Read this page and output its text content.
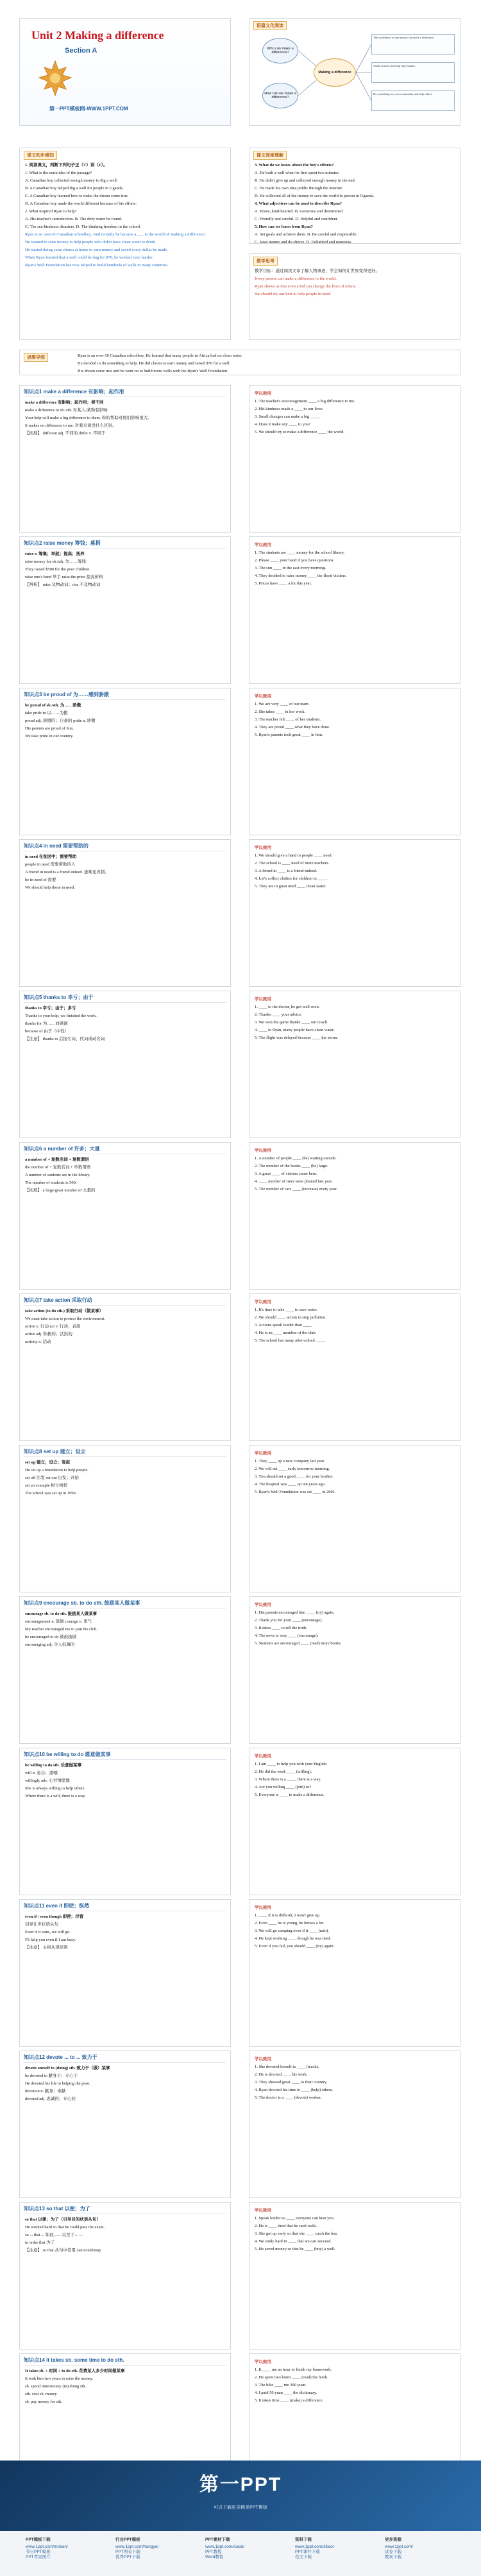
Unit 2 Making a difference
Section A
第一PPT模板网-WWW.1PPT.COM
语篇文化阅读
Who can make a difference?
How can we make a difference?
Making a difference
The confidence of one person can make a difference.
Small actions can bring big changes.
Do something for your community and help others.
课文初步感知
1. 阅读课文，判断下列句子正（T）误（F）。
1. What is the main idea of the passage?
A. Canadian boy collected enough money to dig a well.
B. A Canadian boy helped dig a well for people in Uganda.
C. A Canadian boy learned how to make the dream come true.
D. A Canadian boy made the world different because of his efforts.
2. What inspired Ryan to help?
A. His teacher's introduction. B. The dirty water he found.
C. The sea-kindness disasters. D. The thinking freedom in the school.
Ryan is an over-10 Canadian schoolboy. And recently he became a ___ in the world of 'making a difference'.
He wanted to raise money to help people who didn't have clean water to drink.
He started doing extra chores at home to earn money and saved every dollar he made.
When Ryan learned that a well could be dug for $70, he worked even harder.
Ryan's Well Foundation has now helped to build hundreds of wells in many countries.
课文深度理解
3. What do we know about the boy's efforts?
A. He built a well when he first spent two minutes.
B. He didn't give up and collected enough money in the end.
C. He made his own idea public through the internet.
D. He collected all of the money to save the world in person in Uganda.
4. What adjectives can be used to describe Ryan?
A. Brave, kind-hearted. B. Generous and determined.
C. Friendly and careful. D. Helpful and confident.
5. How can we learn from Ryan?
A. Set goals and achieve them. B. Be careful and responsible.
C. Save money and do chores. D. Delighted and generous.
教学思考
教学目标：通过阅读文章了解人物事迹，学会如何让世界变得更好。
Every person can make a difference to the world.
Ryan shows us that even a kid can change the lives of others.
We should try our best to help people in need.
思维导图	Ryan is an over-10 Canadian schoolboy. He learned that many people in Africa had no clean water.
He decided to do something to help. He did chores to earn money and raised $70 for a well.
His dream came true and he went on to build more wells with his Ryan's Well Foundation.
知识点1 make a difference 有影响；起作用
make a difference 有影响；起作用；使不同
make a difference to sb./sth. 对某人/某物有影响
Your help will make a big difference to them. 你的帮助对他们影响很大。
It makes no difference to me. 对我来说没什么区别。
【拓展】 different adj. 不同的 differ v. 不同于
学以致用
1. The teacher's encouragement ____ a big difference to me.
2. His kindness made a ____ to our lives.
3. Small changes can make a big ____.
4. Does it make any ____ to you?
5. We should try to make a difference ____ the world.
知识点2 raise money 筹钱；募捐
raise v. 筹集；举起；提高；抚养
raise money for sb./sth. 为……筹钱
They raised $500 for the poor children.
raise one's hand 举手 raise the price 提高价格
【辨析】 raise 及物动词；rise 不及物动词
学以致用
1. The students are ____ money for the school library.
2. Please ____ your hand if you have questions.
3. The sun ____ in the east every morning.
4. They decided to raise money ____ the flood victims.
5. Prices have ____ a lot this year.
知识点3 be proud of 为……感到骄傲
be proud of sb./sth. 为……骄傲
take pride in 以……为傲
proud adj. 骄傲的；自豪的 pride n. 骄傲
His parents are proud of him.
We take pride in our country.
学以致用
1. We are very ____ of our team.
2. She takes ____ in her work.
3. The teacher felt ____ of her students.
4. They are proud ____ what they have done.
5. Ryan's parents took great ____ in him.
知识点4 in need 需要帮助的
in need 在贫困中；需要帮助
people in need 需要帮助的人
A friend in need is a friend indeed. 患难见真情。
be in need of 需要
We should help those in need.
学以致用
1. We should give a hand to people ____ need.
2. The school is ____ need of more teachers.
3. A friend in ____ is a friend indeed.
4. Let's collect clothes for children in ____.
5. They are in great need ____ clean water.
知识点5 thanks to 幸亏；由于
thanks to 幸亏；由于；多亏
Thanks to your help, we finished the work.
thanks for 为……而感谢
because of 由于（中性）
【注意】 thanks to 后接名词、代词或动名词
学以致用
1. ____ to the doctor, he got well soon.
2. Thanks ____ your advice.
3. We won the game thanks ____ our coach.
4. ____ to Ryan, many people have clean water.
5. The flight was delayed because ____ the storm.
知识点6 a number of 许多；大量
a number of + 复数名词 + 复数谓语
the number of + 复数名词 + 单数谓语
A number of students are in the library.
The number of students is 500.
【拓展】 a large/great number of 大量的
学以致用
1. A number of people ____ (be) waiting outside.
2. The number of the books ____ (be) large.
3. A great ____ of visitors came here.
4. ____ number of trees were planted last year.
5. The number of cars ____ (increase) every year.
知识点7 take action 采取行动
take action (to do sth.) 采取行动（做某事）
We must take action to protect the environment.
action n. 行动 act v. 行动；表演
active adj. 积极的；活跃的
activity n. 活动
学以致用
1. It's time to take ____ to save water.
2. We should ____ action to stop pollution.
3. Actions speak louder than ____.
4. He is an ____ member of the club.
5. The school has many after-school ____.
知识点8 set up 建立；设立
set up 建立；设立；竖起
He set up a foundation to help people.
set off 出发 set out 出发；开始
set an example 树立榜样
The school was set up in 1990.
学以致用
1. They ____ up a new company last year.
2. We will set ____ early tomorrow morning.
3. You should set a good ____ for your brother.
4. The hospital was ____ up ten years ago.
5. Ryan's Well Foundation was set ____ in 2001.
知识点9 encourage sb. to do sth. 鼓励某人做某事
encourage sb. to do sth. 鼓励某人做某事
encouragement n. 鼓励 courage n. 勇气
My teacher encouraged me to join the club.
be encouraged to do 被鼓励做
encouraging adj. 令人鼓舞的
学以致用
1. His parents encouraged him ____ (try) again.
2. Thank you for your ____ (encourage).
3. It takes ____ to tell the truth.
4. The news is very ____ (encourage).
5. Students are encouraged ____ (read) more books.
知识点10 be willing to do 愿意做某事
be willing to do sth. 乐意做某事
will n. 意志；遗嘱
willingly adv. 心甘情愿地
She is always willing to help others.
Where there is a will, there is a way.
学以致用
1. I am ____ to help you with your English.
2. He did the work ____ (willing).
3. Where there is a ____, there is a way.
4. Are you willing ____ (join) us?
5. Everyone is ____ to make a difference.
知识点11 even if 即使；纵然
even if / even though 即使；尽管
引导让步状语从句
Even if it rains, we will go.
I'll help you even if I am busy.
【注意】 主将从现原则
学以致用
1. ____ if it is difficult, I won't give up.
2. Even ____ he is young, he knows a lot.
3. We will go camping even if it ____ (rain).
4. He kept working ____ though he was tired.
5. Even if you fail, you should ____ (try) again.
知识点12 devote ... to ... 致力于
devote oneself to (doing) sth. 致力于（做）某事
be devoted to 献身于；专心于
He devoted his life to helping the poor.
devotion n. 献身；奉献
devoted adj. 忠诚的；专心的
学以致用
1. She devoted herself to ____ (teach).
2. He is devoted ____ his work.
3. They showed great ____ to their country.
4. Ryan devoted his time to ____ (help) others.
5. The doctor is a ____ (devote) worker.
知识点13 so that 以便；为了
so that 以便；为了（引导目的状语从句）
He worked hard so that he could pass the exam.
so ... that ... 如此……以至于……
in order that 为了
【注意】 so that 从句中常用 can/could/may
学以致用
1. Speak louder so ____ everyone can hear you.
2. He is ____ tired that he can't walk.
3. She got up early so that she ____ catch the bus.
4. We study hard in ____ that we can succeed.
5. He saved money so that he ____ (buy) a well.
知识点14 it takes sb. some time to do sth.
It takes sb. + 时间 + to do sth. 花费某人多少时间做某事
It took him two years to raise the money.
sb. spend time/money (in) doing sth.
sth. cost sb. money
sb. pay money for sth.
学以致用
1. It ____ me an hour to finish my homework.
2. He spent two hours ____ (read) the book.
3. The bike ____ me 300 yuan.
4. I paid 50 yuan ____ the dictionary.
5. It takes time ____ (make) a difference.
第一PPT
可以下载更多精美PPT模板
PPT模板下载
www.1ppt.com/moban/
节日PPT模板
PPT背景图片
行业PPT模板
www.1ppt.com/hangye/
PPT图表下载
优秀PPT下载
PPT素材下载
www.1ppt.com/sucai/
PPT教程
Word教程
资料下载
www.1ppt.com/ziliao/
PPT课件下载
范文下载
更多资源
www.1ppt.com/
试卷下载
教案下载
